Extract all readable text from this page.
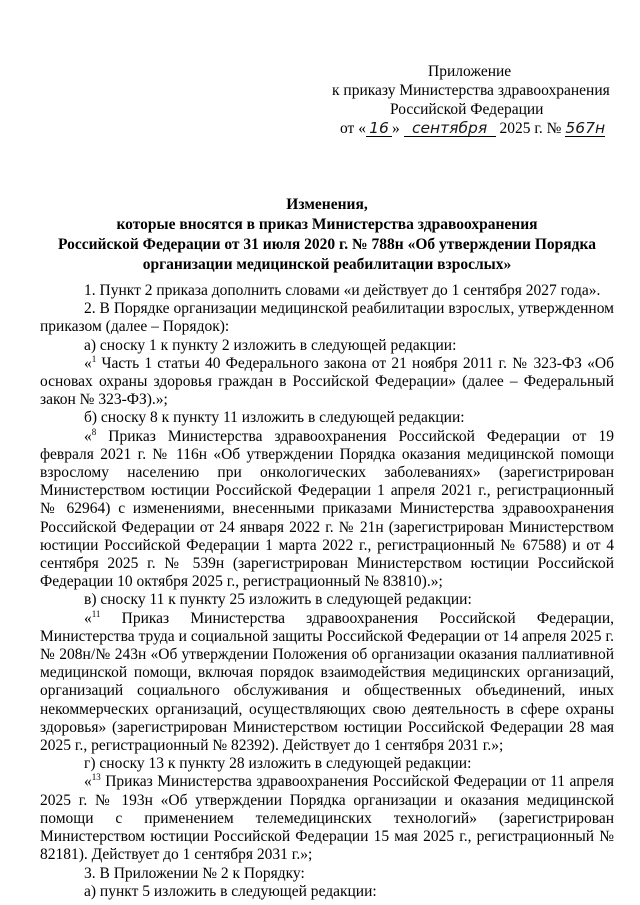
Приложение
к приказу Министерства здравоохранения
Российской Федерации
от « 16 » сентября 2025 г. № 567н
Изменения,
которые вносятся в приказ Министерства здравоохранения
Российской Федерации от 31 июля 2020 г. № 788н «Об утверждении Порядка
организации медицинской реабилитации взрослых»

1. Пункт 2 приказа дополнить словами «и действует до 1 сентября 2027 года».

2. В Порядке организации медицинской реабилитации взрослых, утвержденном приказом (далее – Порядок):

а) сноску 1 к пункту 2 изложить в следующей редакции:

«$^1$ Часть 1 статьи 40 Федерального закона от 21 ноября 2011 г. № 323-ФЗ «Об основах охраны здоровья граждан в Российской Федерации» (далее – Федеральный закон № 323-ФЗ).»;

б) сноску 8 к пункту 11 изложить в следующей редакции:

«$^8$ Приказ Министерства здравоохранения Российской Федерации от 19 февраля 2021 г. № 116н «Об утверждении Порядка оказания медицинской помощи взрослому населению при онкологических заболеваниях» (зарегистрирован Министерством юстиции Российской Федерации 1 апреля 2021 г., регистрационный № 62964) с изменениями, внесенными приказами Министерства здравоохранения Российской Федерации от 24 января 2022 г. № 21н (зарегистрирован Министерством юстиции Российской Федерации 1 марта 2022 г., регистрационный № 67588) и от 4 сентября 2025 г. № 539н (зарегистрирован Министерством юстиции Российской Федерации 10 октября 2025 г., регистрационный № 83810).»;

в) сноску 11 к пункту 25 изложить в следующей редакции:

«$^{11}$ Приказ Министерства здравоохранения Российской Федерации, Министерства труда и социальной защиты Российской Федерации от 14 апреля 2025 г. № 208н/№ 243н «Об утверждении Положения об организации оказания паллиативной медицинской помощи, включая порядок взаимодействия медицинских организаций, организаций социального обслуживания и общественных объединений, иных некоммерческих организаций, осуществляющих свою деятельность в сфере охраны здоровья» (зарегистрирован Министерством юстиции Российской Федерации 28 мая 2025 г., регистрационный № 82392). Действует до 1 сентября 2031 г.»;

г) сноску 13 к пункту 28 изложить в следующей редакции:

«$^{13}$ Приказ Министерства здравоохранения Российской Федерации от 11 апреля 2025 г. № 193н «Об утверждении Порядка организации и оказания медицинской помощи с применением телемедицинских технологий» (зарегистрирован Министерством юстиции Российской Федерации 15 мая 2025 г., регистрационный № 82181). Действует до 1 сентября 2031 г.»;

3. В Приложении № 2 к Порядку:

а) пункт 5 изложить в следующей редакции:
